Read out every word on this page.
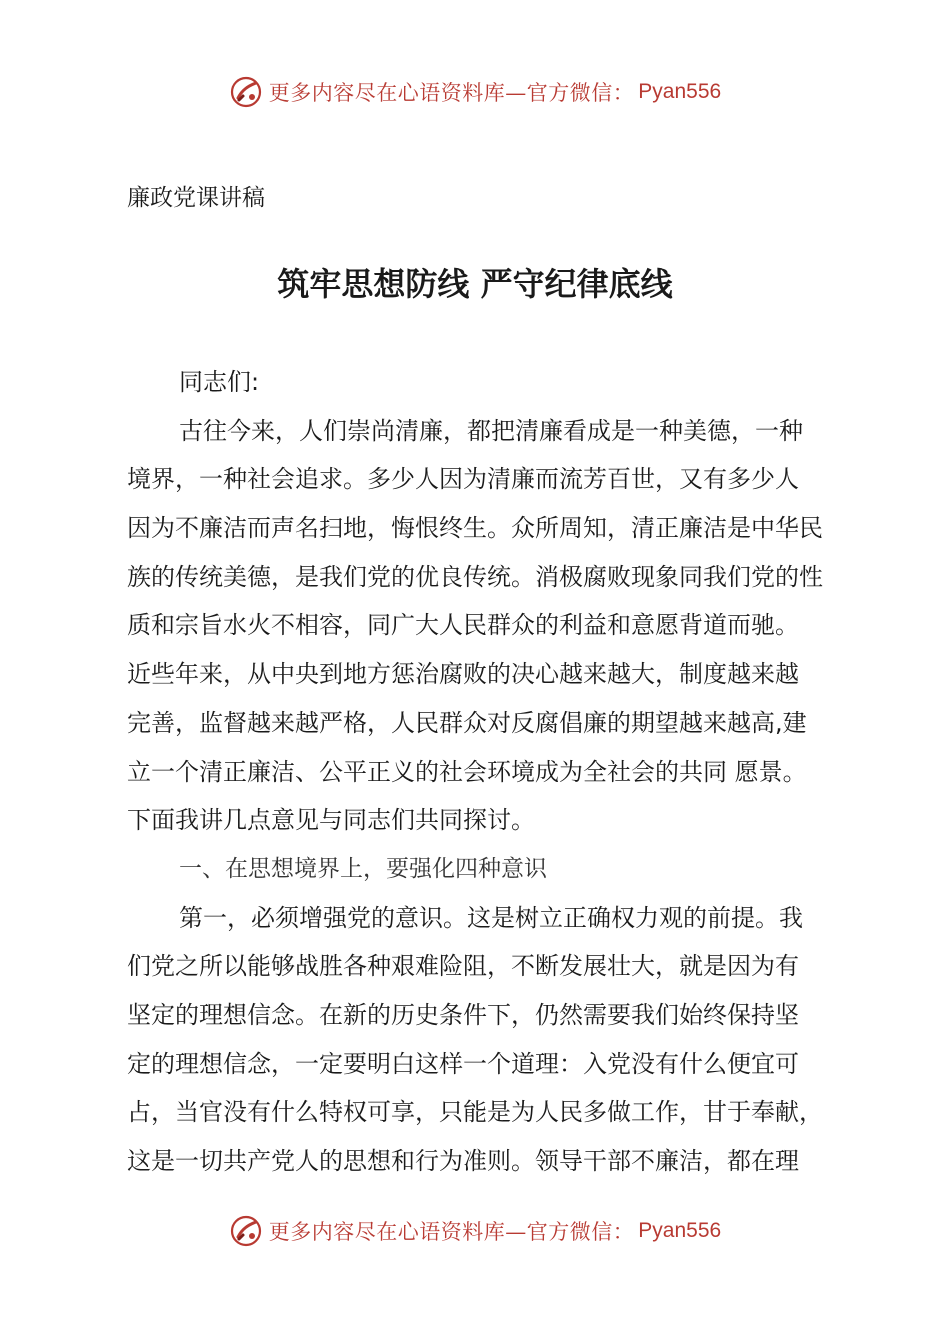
更多内容尽在心语资料库—官方微信： Pyan556
廉政党课讲稿
筑牢思想防线 严守纪律底线
同志们:
古往今来，人们崇尚清廉，都把清廉看成是一种美德，一种
境界，一种社会追求。多少人因为清廉而流芳百世，又有多少人
因为不廉洁而声名扫地，悔恨终生。众所周知，清正廉洁是中华民
族的传统美德，是我们党的优良传统。消极腐败现象同我们党的性
质和宗旨水火不相容，同广大人民群众的利益和意愿背道而驰。
近些年来，从中央到地方惩治腐败的决心越来越大，制度越来越
完善，监督越来越严格，人民群众对反腐倡廉的期望越来越高,建
立一个清正廉洁、公平正义的社会环境成为全社会的共同 愿景。
下面我讲几点意见与同志们共同探讨。
一、在思想境界上，要强化四种意识
第一，必须增强党的意识。这是树立正确权力观的前提。我
们党之所以能够战胜各种艰难险阻，不断发展壮大，就是因为有
坚定的理想信念。在新的历史条件下，仍然需要我们始终保持坚
定的理想信念，一定要明白这样一个道理：入党没有什么便宜可
占，当官没有什么特权可享，只能是为人民多做工作，甘于奉献，
这是一切共产党人的思想和行为准则。领导干部不廉洁，都在理
更多内容尽在心语资料库—官方微信： Pyan556
